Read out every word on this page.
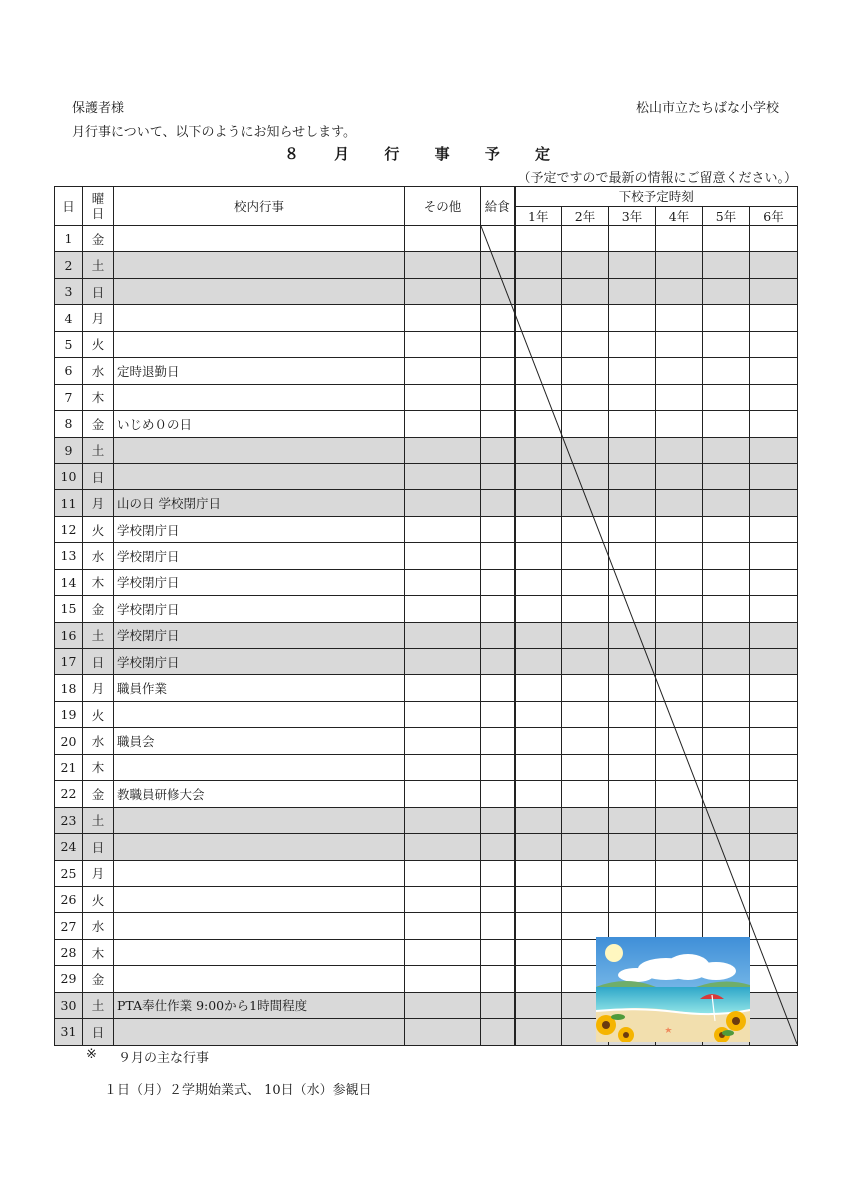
保護者様	松山市立たちばな小学校
月行事について、以下のようにお知らせします。
８ 月 行 事 予 定
（予定ですので最新の情報にご留意ください。）
日	曜日	校内行事	その他	給食	下校予定時刻					
					1年	2年	3年	4年	5年	6年
1	金									
2	土									
3	日									
4	月									
5	火									
6	水	定時退勤日								
7	木									
8	金	いじめ０の日								
9	土									
10	日									
11	月	山の日 学校閉庁日								
12	火	学校閉庁日								
13	水	学校閉庁日								
14	木	学校閉庁日								
15	金	学校閉庁日								
16	土	学校閉庁日								
17	日	学校閉庁日								
18	月	職員作業								
19	火									
20	水	職員会								
21	木									
22	金	教職員研修大会								
23	土									
24	日									
25	月									
26	火									
27	水									
28	木									
29	金									
30	土	PTA奉仕作業 9:00から1時間程度								
31	日									
※ ９月の主な行事
１日（月）２学期始業式、 10日（水）参観日
